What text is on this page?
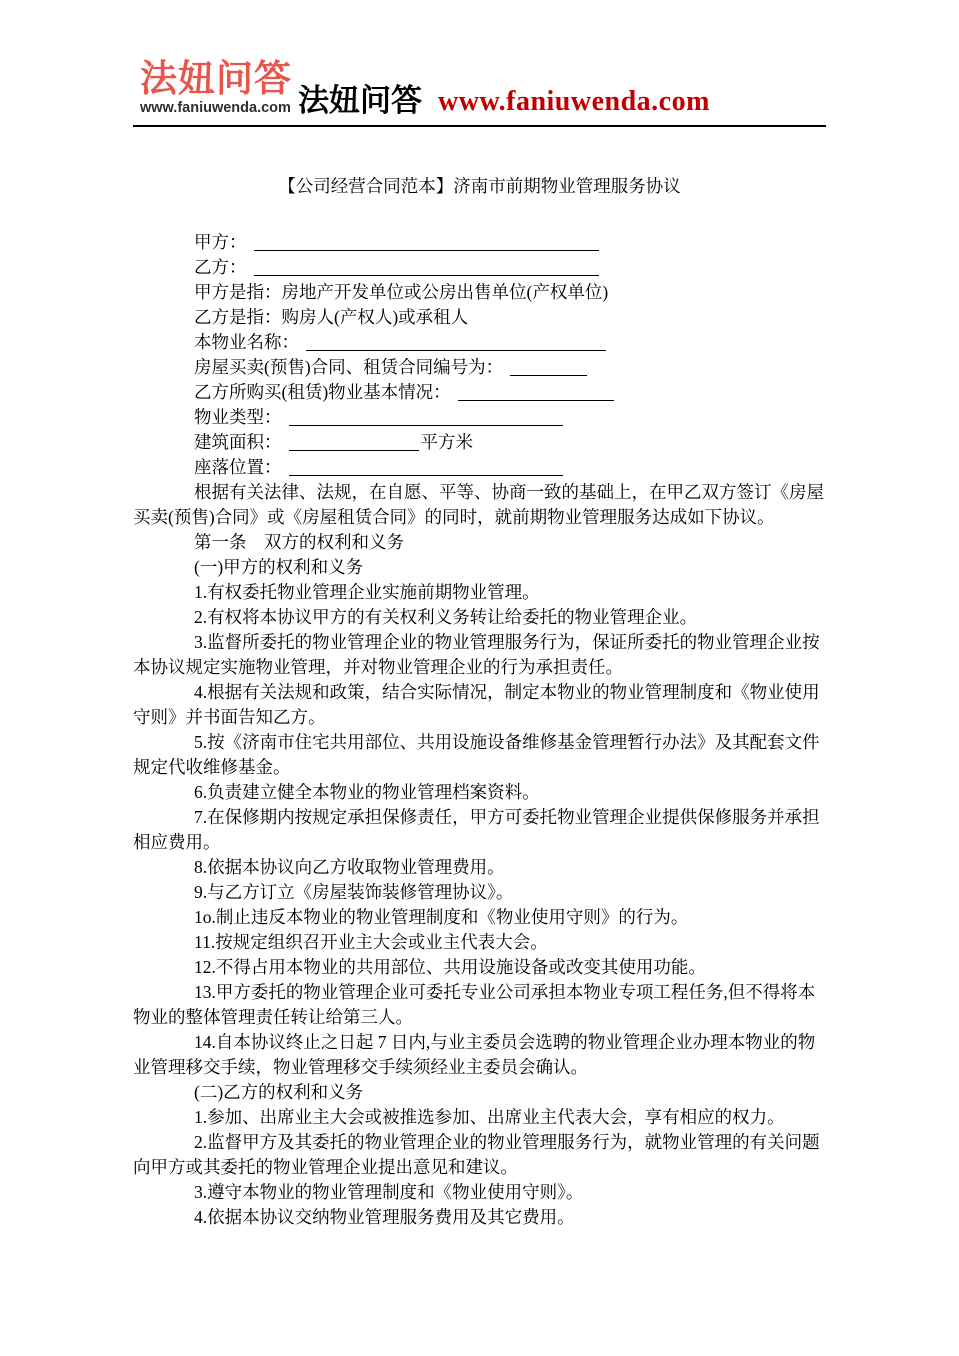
法妞问答
www.faniuwenda.com 法妞问答 www.faniuwenda.com
【公司经营合同范本】济南市前期物业管理服务协议
甲方：
乙方：
甲方是指：房地产开发单位或公房出售单位(产权单位)
乙方是指：购房人(产权人)或承租人
本物业名称：
房屋买卖(预售)合同、租赁合同编号为：
乙方所购买(租赁)物业基本情况：
物业类型：
建筑面积：	平方米
座落位置：

根据有关法律、法规，在自愿、平等、协商一致的基础上，在甲乙双方签订《房屋买卖(预售)合同》或《房屋租赁合同》的同时，就前期物业管理服务达成如下协议。

第一条　双方的权利和义务

(一)甲方的权利和义务

1.有权委托物业管理企业实施前期物业管理。

2.有权将本协议甲方的有关权利义务转让给委托的物业管理企业。

3.监督所委托的物业管理企业的物业管理服务行为，保证所委托的物业管理企业按本协议规定实施物业管理，并对物业管理企业的行为承担责任。

4.根据有关法规和政策，结合实际情况，制定本物业的物业管理制度和《物业使用守则》并书面告知乙方。

5.按《济南市住宅共用部位、共用设施设备维修基金管理暂行办法》及其配套文件规定代收维修基金。

6.负责建立健全本物业的物业管理档案资料。

7.在保修期内按规定承担保修责任，甲方可委托物业管理企业提供保修服务并承担相应费用。

8.依据本协议向乙方收取物业管理费用。

9.与乙方订立《房屋装饰装修管理协议》。

1o.制止违反本物业的物业管理制度和《物业使用守则》的行为。

11.按规定组织召开业主大会或业主代表大会。

12.不得占用本物业的共用部位、共用设施设备或改变其使用功能。

13.甲方委托的物业管理企业可委托专业公司承担本物业专项工程任务,但不得将本物业的整体管理责任转让给第三人。

14.自本协议终止之日起 7 日内,与业主委员会选聘的物业管理企业办理本物业的物业管理移交手续，物业管理移交手续须经业主委员会确认。

(二)乙方的权利和义务

1.参加、出席业主大会或被推选参加、出席业主代表大会，享有相应的权力。

2.监督甲方及其委托的物业管理企业的物业管理服务行为，就物业管理的有关问题向甲方或其委托的物业管理企业提出意见和建议。

3.遵守本物业的物业管理制度和《物业使用守则》。

4.依据本协议交纳物业管理服务费用及其它费用。
